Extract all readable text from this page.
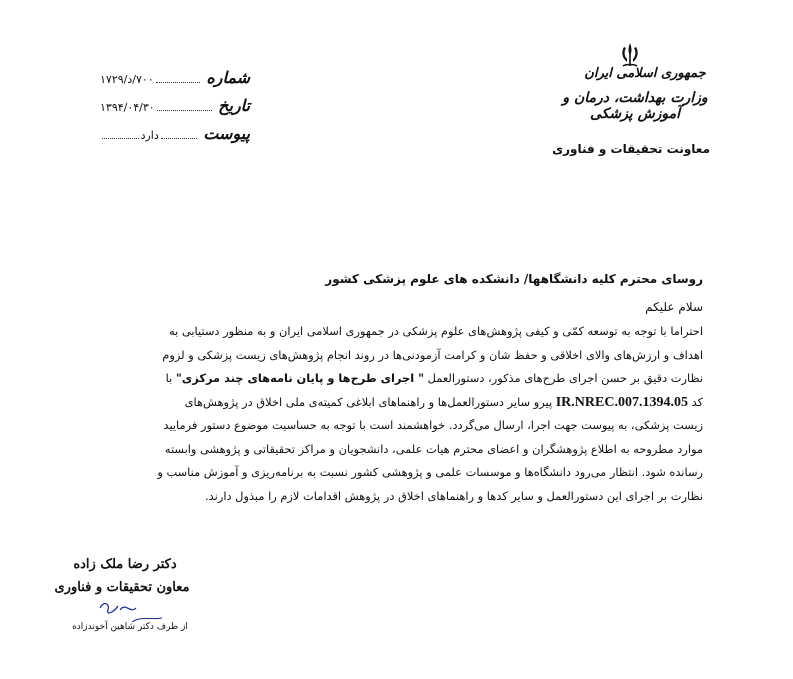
جمهوری اسلامی ایران
وزارت بهداشت، درمان و آموزش پزشکی
معاونت تحقیقات و فناوری
شماره
۷۰۰/د/۱۷۲۹
تاریخ
۱۳۹۴/۰۴/۳۰
پیوست
دارد
روسای محترم کلیه دانشگاهها/ دانشکده های علوم پزشکی کشور
سلام علیکم
احتراما با توجه به توسعه کمّی و کیفی پژوهش‌های علوم پزشکی در جمهوری اسلامی ایران و به منظور دستیابی به
اهداف و ارزش‌های والای اخلاقی و حفظ شان و کرامت آزمودنی‌ها در روند انجام پژوهش‌های زیست پزشکی و لزوم
نظارت دقیق بر حسن اجرای طرح‌های مذکور، دستورالعمل " اجرای طرح‌ها و پایان نامه‌های چند مرکزی" با
کد IR.NREC.007.1394.05 پیرو سایر دستورالعمل‌ها و راهنماهای ابلاغی کمیته‌ی ملی اخلاق در پژوهش‌های
زیست پزشکی، به پیوست جهت اجرا، ارسال می‌گردد. خواهشمند است با توجه به حساسیت موضوع دستور فرمایید
موارد مطروحه به اطلاع پژوهشگران و اعضای محترم هیات علمی، دانشجویان و مراکز تحقیقاتی و پژوهشی وابسته
رسانده شود. انتظار می‌رود دانشگاه‌ها و موسسات علمی و پژوهشی کشور نسبت به برنامه‌ریزی و آموزش مناسب و
نظارت بر اجرای این دستورالعمل و سایر کدها و راهنماهای اخلاق در پژوهش اقدامات لازم را مبذول دارند.
دکتر رضا ملک زاده
معاون تحقیقات و فناوری
از طرف دکتر شاهین آخوندزاده
